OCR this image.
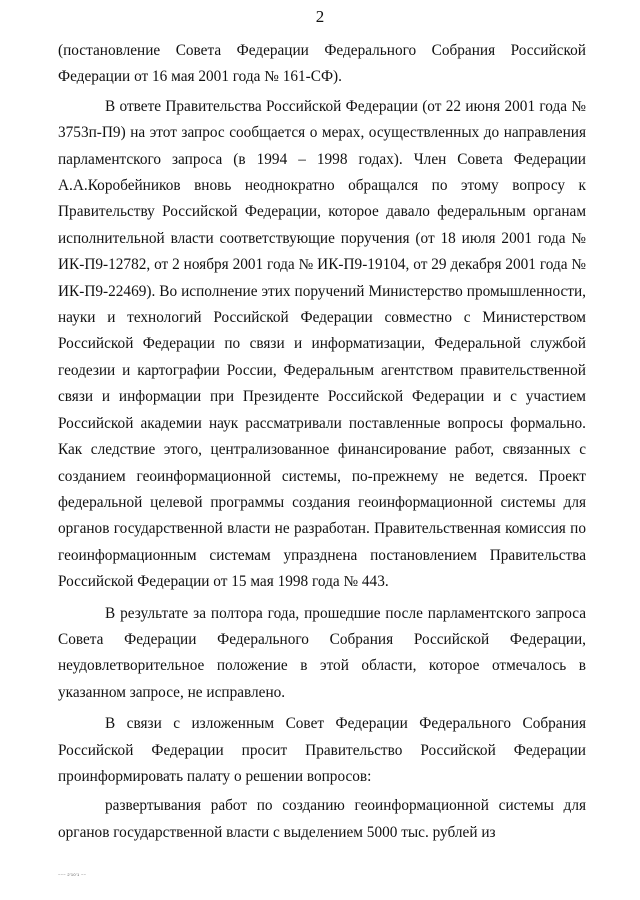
2

(постановление Совета Федерации Федерального Собрания Российской Федерации от 16 мая 2001 года № 161-СФ).

В ответе Правительства Российской Федерации (от 22 июня 2001 года № 3753п-П9) на этот запрос сообщается о мерах, осуществленных до направления парламентского запроса (в 1994 – 1998 годах). Член Совета Федерации А.А.Коробейников вновь неоднократно обращался по этому вопросу к Правительству Российской Федерации, которое давало федеральным органам исполнительной власти соответствующие поручения (от 18 июля 2001 года № ИК-П9-12782, от 2 ноября 2001 года № ИК-П9-19104, от 29 декабря 2001 года № ИК-П9-22469). Во исполнение этих поручений Министерство промышленности, науки и технологий Российской Федерации совместно с Министерством Российской Федерации по связи и информатизации, Федеральной службой геодезии и картографии России, Федеральным агентством правительственной связи и информации при Президенте Российской Федерации и с участием Российской академии наук рассматривали поставленные вопросы формально. Как следствие этого, централизованное финансирование работ, связанных с созданием геоинформационной системы, по-прежнему не ведется. Проект федеральной целевой программы создания геоинформационной системы для органов государственной власти не разработан. Правительственная комиссия по геоинформационным системам упразднена постановлением Правительства Российской Федерации от 15 мая 1998 года № 443.

В результате за полтора года, прошедшие после парламентского запроса Совета Федерации Федерального Собрания Российской Федерации, неудовлетворительное положение в этой области, которое отмечалось в указанном запросе, не исправлено.

В связи с изложенным Совет Федерации Федерального Собрания Российской Федерации просит Правительство Российской Федерации проинформировать палату о решении вопросов:

развертывания работ по созданию геоинформационной системы для органов государственной власти с выделением 5000 тыс. рублей из

~~~ 2'10'1 ~~
